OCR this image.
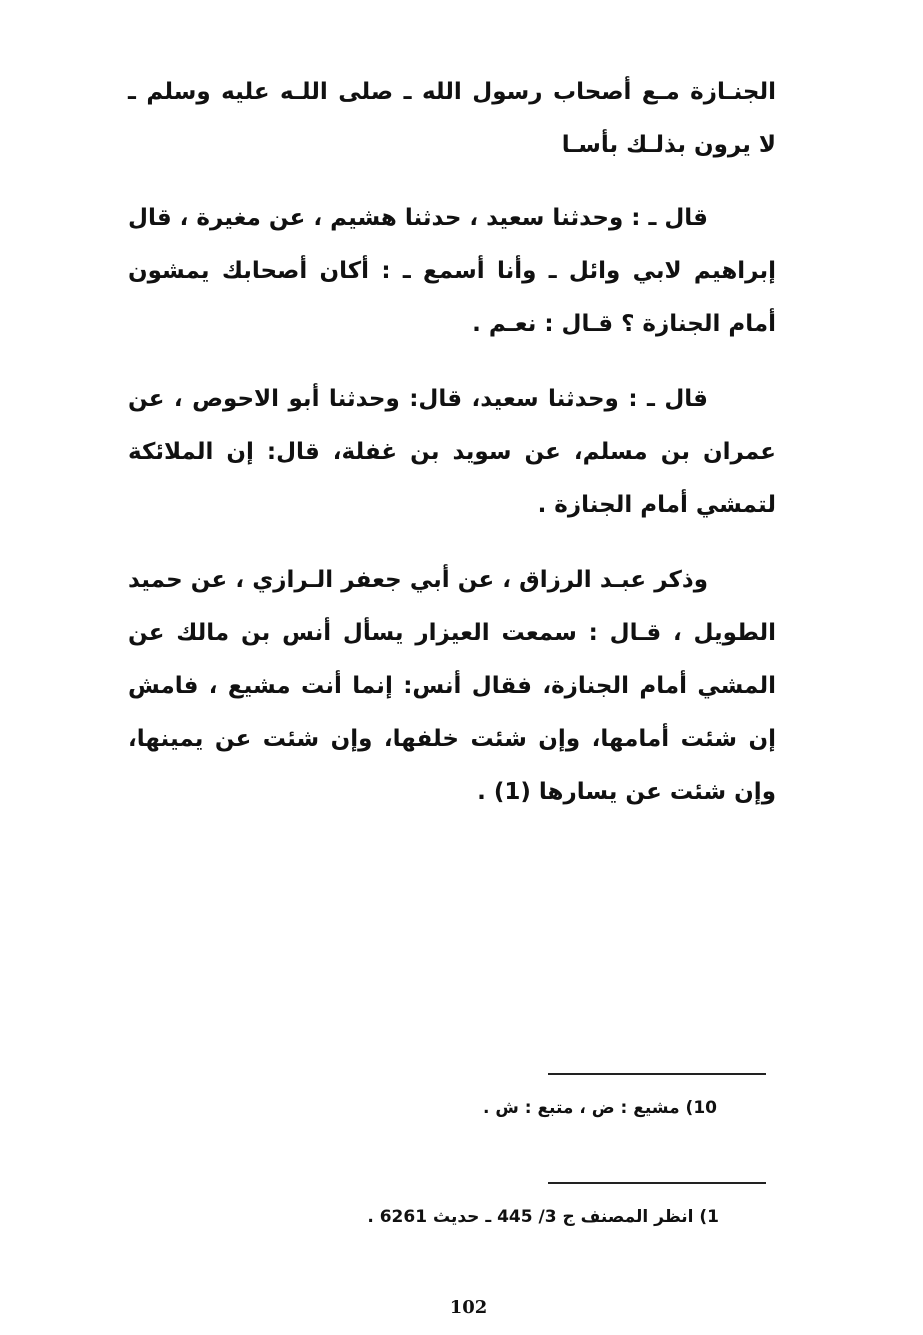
الجنـازة مـع أصحاب رسول الله ـ صلى اللـه عليه وسلم ـ لا يرون بذلـك بأسـا

قال ـ : وحدثنا سعيد ، حدثنا هشيم ، عن مغيرة ، قال إبراهيم لابي وائل ـ وأنا أسمع ـ : أكان أصحابك يمشون أمام الجنازة ؟ قـال : نعـم .

قال ـ : وحدثنا سعيد، قال: وحدثنا أبو الاحوص ، عن عمران بن مسلم، عن سويد بن غفلة، قال: إن الملائكة لتمشي أمام الجنازة .

وذكر عبـد الرزاق ، عن أبي جعفر الـرازي ، عن حميد الطويل ، قـال : سمعت العيزار يسأل أنس بن مالك عن المشي أمام الجنازة، فقال أنس: إنما أنت مشيع ، فامش إن شئت أمامها، وإن شئت خلفها، وإن شئت عن يمينها، وإن شئت عن يسارها (1) .

10) مشيع : ض ، متبع : ش .
1) انظر المصنف ج 3/ 445 ـ حديث 6261 .
102
